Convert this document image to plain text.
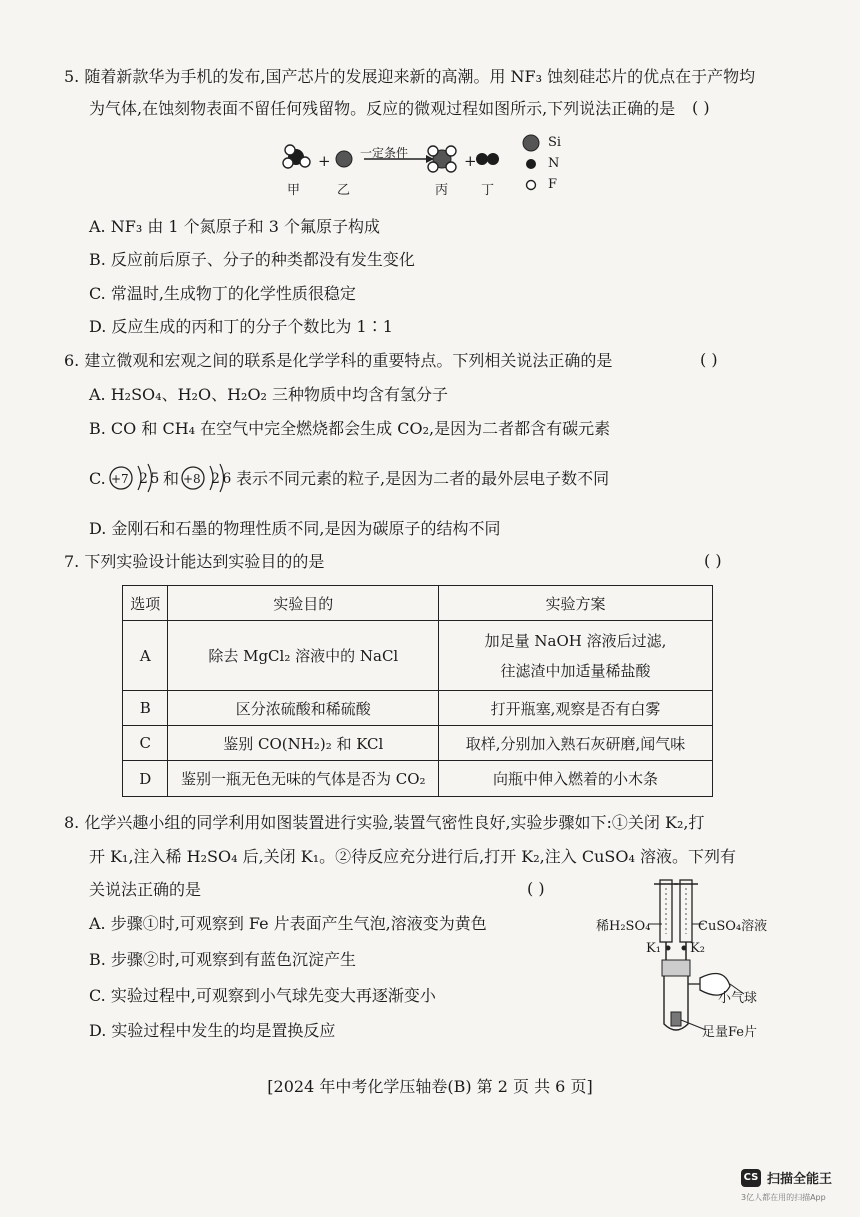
5. 随着新款华为手机的发布,国产芯片的发展迎来新的高潮。用 NF₃ 蚀刻硅芯片的优点在于产物均
为气体,在蚀刻物表面不留任何残留物。反应的微观过程如图所示,下列说法正确的是 ( )
+	+
一定条件
甲	乙	丙	丁
Si
N
F
A. NF₃ 由 1 个氮原子和 3 个氟原子构成
B. 反应前后原子、分子的种类都没有发生变化
C. 常温时,生成物丁的化学性质很稳定
D. 反应生成的丙和丁的分子个数比为 1∶1
6. 建立微观和宏观之间的联系是化学学科的重要特点。下列相关说法正确的是	( )
A. H₂SO₄、H₂O、H₂O₂ 三种物质中均含有氢分子
B. CO 和 CH₄ 在空气中完全燃烧都会生成 CO₂,是因为二者都含有碳元素
C. +7 2 5 和 +8 2 6 表示不同元素的粒子,是因为二者的最外层电子数不同
D. 金刚石和石墨的物理性质不同,是因为碳原子的结构不同
7. 下列实验设计能达到实验目的的是	( )
选项	实验目的	实验方案
A	除去 MgCl₂ 溶液中的 NaCl	加足量 NaOH 溶液后过滤,
往滤渣中加适量稀盐酸

B	区分浓硫酸和稀硫酸	打开瓶塞,观察是否有白雾
C	鉴别 CO(NH₂)₂ 和 KCl	取样,分别加入熟石灰研磨,闻气味
D	鉴别一瓶无色无味的气体是否为 CO₂	向瓶中伸入燃着的小木条
8. 化学兴趣小组的同学利用如图装置进行实验,装置气密性良好,实验步骤如下:①关闭 K₂,打
开 K₁,注入稀 H₂SO₄ 后,关闭 K₁。②待反应充分进行后,打开 K₂,注入 CuSO₄ 溶液。下列有
关说法正确的是	( )
A. 步骤①时,可观察到 Fe 片表面产生气泡,溶液变为黄色
B. 步骤②时,可观察到有蓝色沉淀产生
C. 实验过程中,可观察到小气球先变大再逐渐变小
D. 实验过程中发生的均是置换反应
稀H₂SO₄	CuSO₄溶液
K₁ K₂
小气球
足量Fe片
[2024 年中考化学压轴卷(B) 第 2 页 共 6 页]
CS 扫描全能王
3亿人都在用的扫描App
